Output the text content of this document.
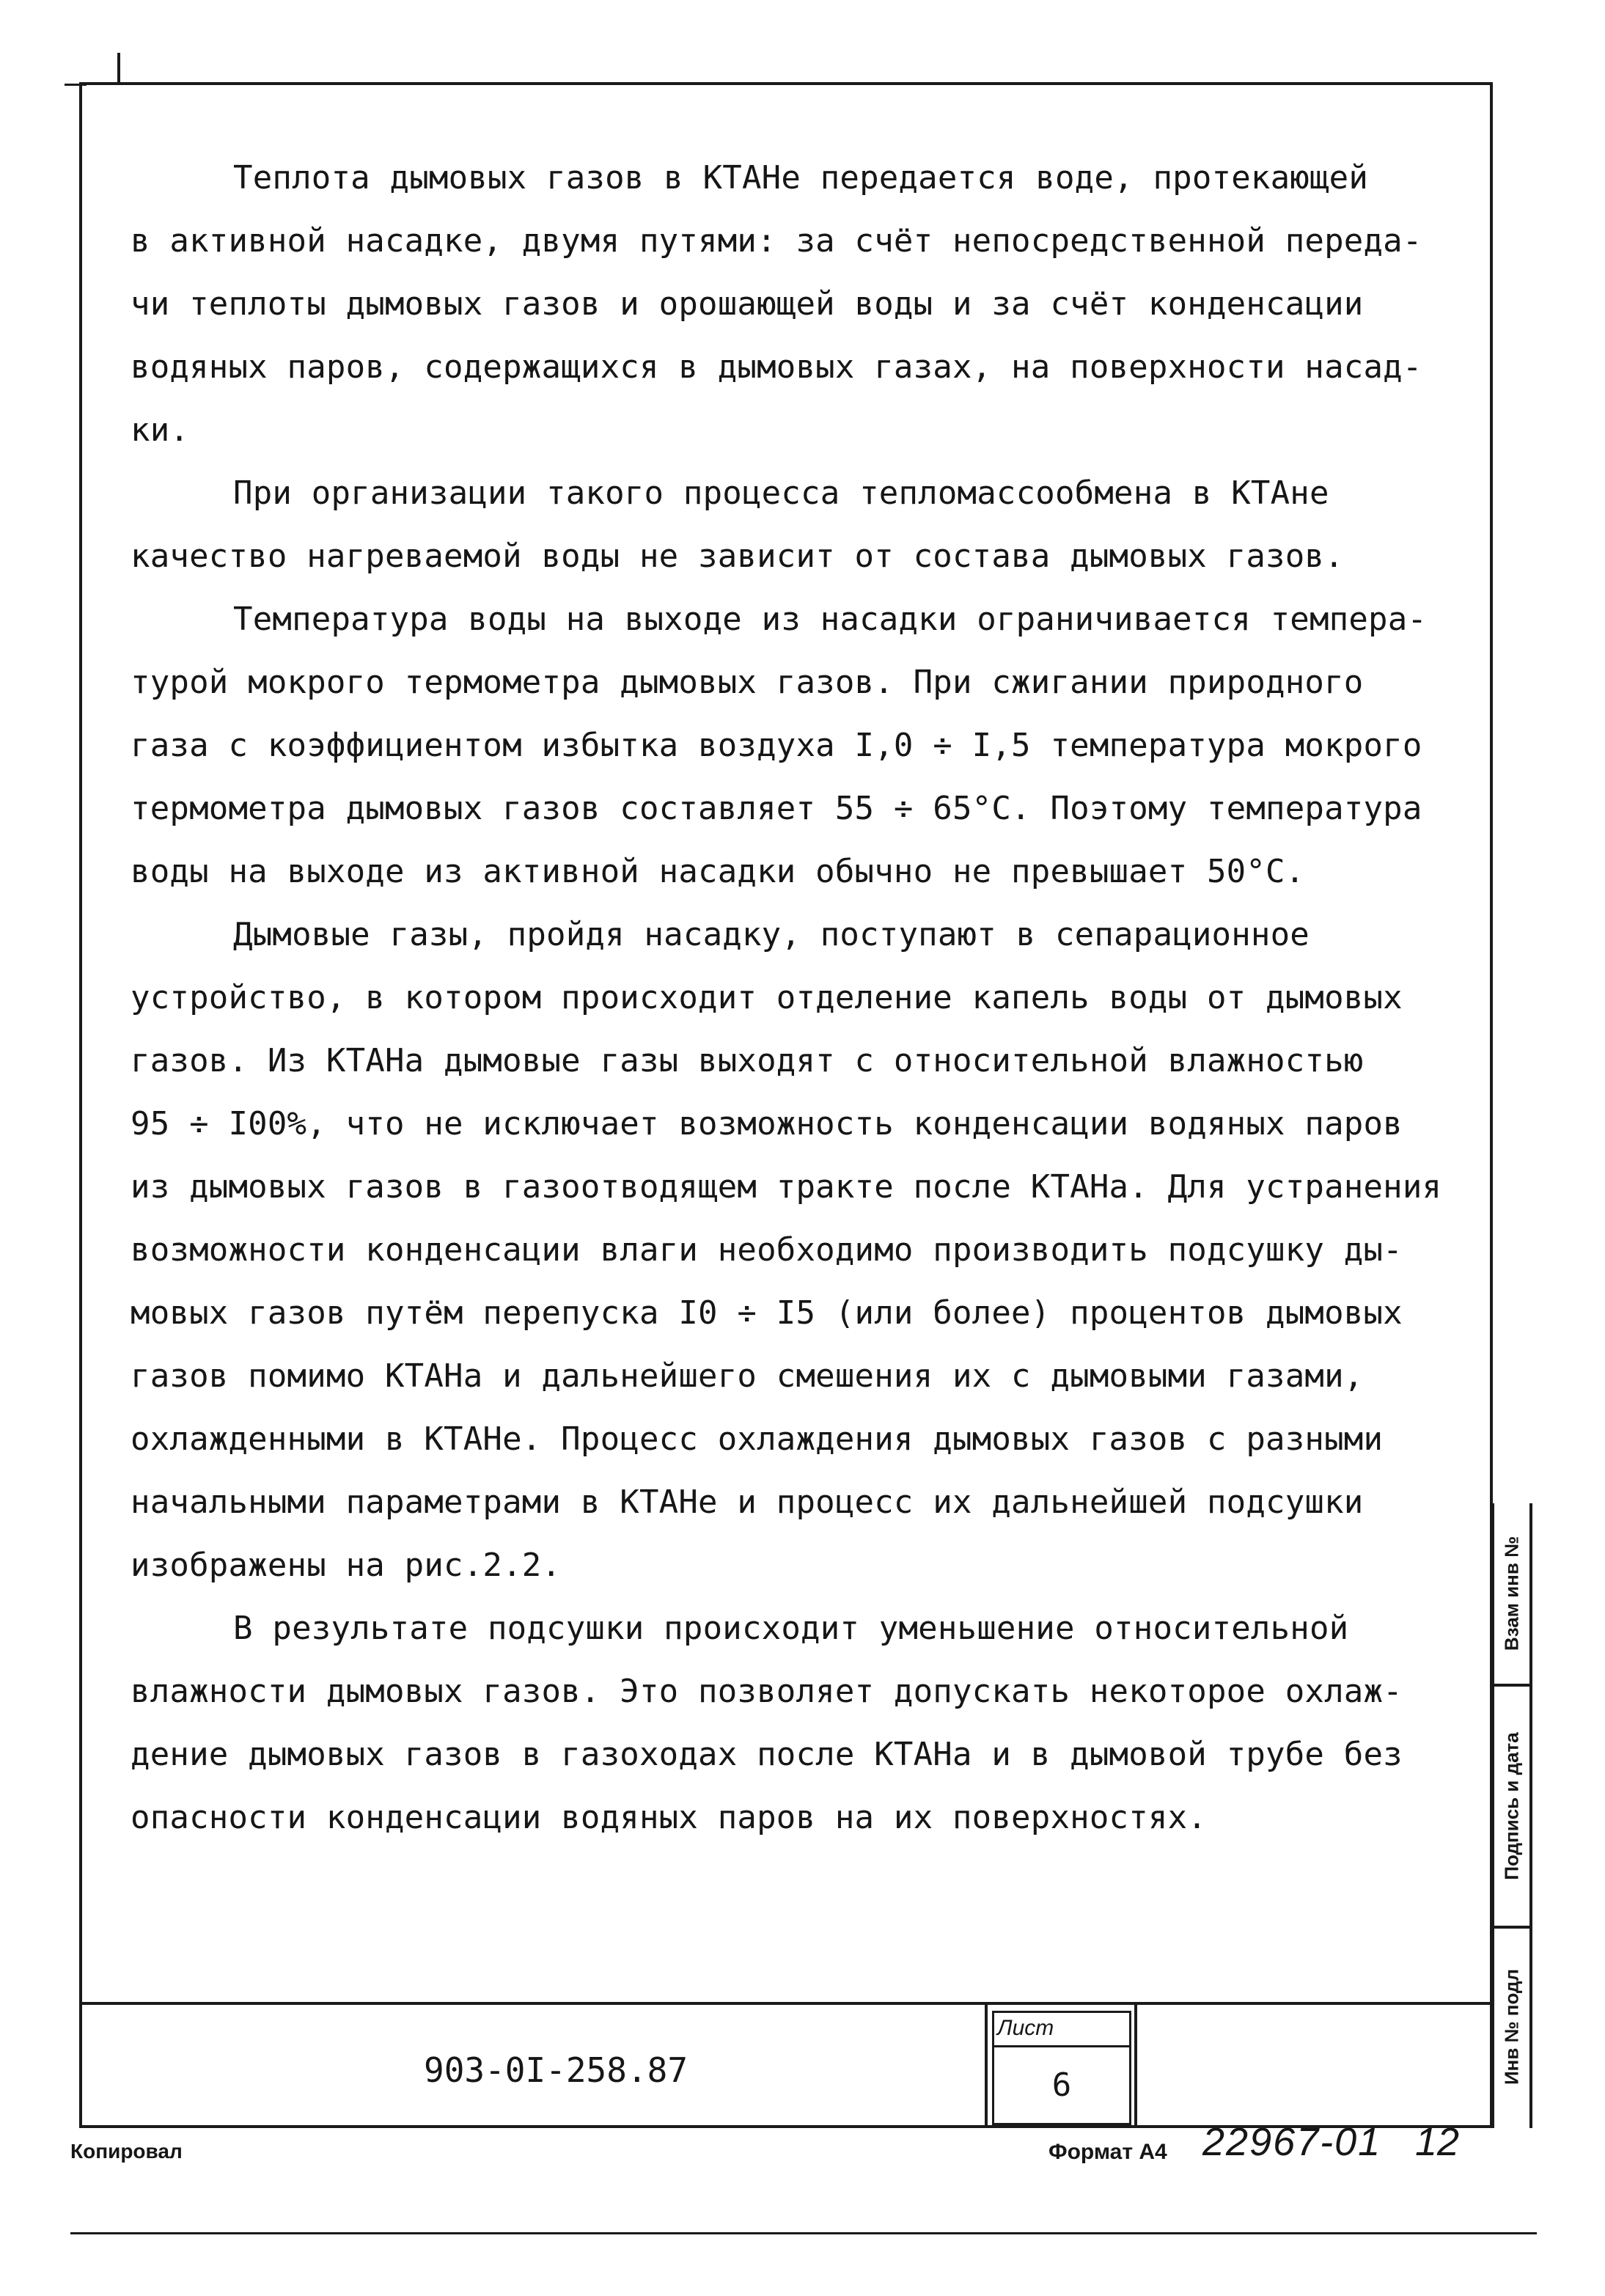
Теплота дымовых газов в КТАНе передается воде, протекающей
в активной насадке, двумя путями: за счёт непосредственной переда-
чи теплоты дымовых газов и орошающей воды и за счёт конденсации
водяных паров, содержащихся в дымовых газах, на поверхности насад-
ки.

При организации такого процесса тепломассообмена в КТАне
качество нагреваемой воды не зависит от состава дымовых газов.

Температура воды на выходе из насадки ограничивается темпера-
турой мокрого термометра дымовых газов. При сжигании природного
газа с коэффициентом избытка воздуха I,0 ÷ I,5 температура мокрого
термометра дымовых газов составляет 55 ÷ 65°С. Поэтому температура
воды на выходе из активной насадки обычно не превышает 50°С.

Дымовые газы, пройдя насадку, поступают в сепарационное
устройство, в котором происходит отделение капель воды от дымовых
газов. Из КТАНа дымовые газы выходят с относительной влажностью
95 ÷ I00%, что не исключает возможность конденсации водяных паров
из дымовых газов в газоотводящем тракте после КТАНа. Для устранения
возможности конденсации влаги необходимо производить подсушку ды-
мовых газов путём перепуска I0 ÷ I5 (или более) процентов дымовых
газов помимо КТАНа и дальнейшего смешения их с дымовыми газами,
охлажденными в КТАНе. Процесс охлаждения дымовых газов с разными
начальными параметрами в КТАНе и процесс их дальнейшей подсушки
изображены на рис.2.2.

В результате подсушки происходит уменьшение относительной
влажности дымовых газов. Это позволяет допускать некоторое охлаж-
дение дымовых газов в газоходах после КТАНа и в дымовой трубе без
опасности конденсации водяных паров на их поверхностях.

903-0I-258.87
Лист
6
Взам инв №
Подпись и дата
Инв № подл
Копировал	Формат А4 22967-01 12
